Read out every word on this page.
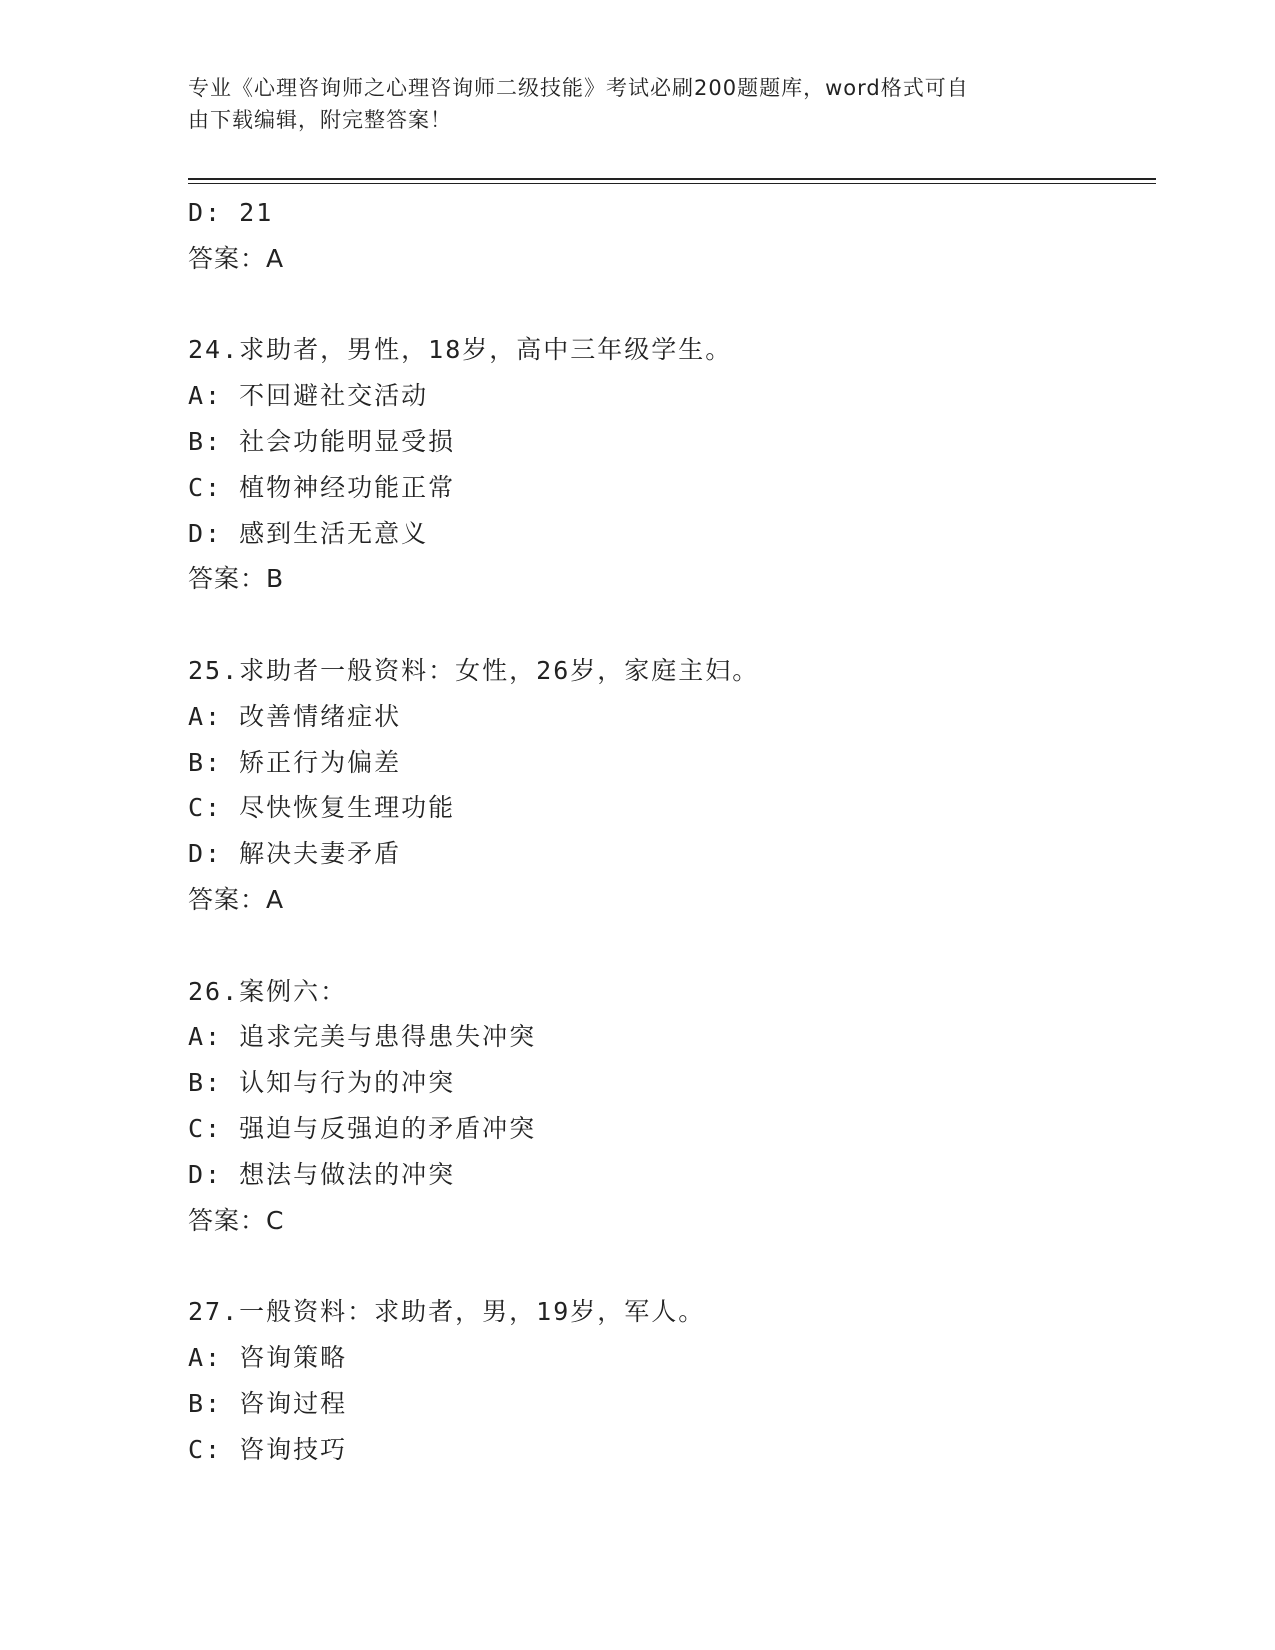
专业《心理咨询师之心理咨询师二级技能》考试必刷200题题库，word格式可自
由下载编辑，附完整答案！
D: 21
答案：A
24.求助者，男性，18岁，高中三年级学生。
A: 不回避社交活动
B: 社会功能明显受损
C: 植物神经功能正常
D: 感到生活无意义
答案：B
25.求助者一般资料：女性，26岁，家庭主妇。
A: 改善情绪症状
B: 矫正行为偏差
C: 尽快恢复生理功能
D: 解决夫妻矛盾
答案：A
26.案例六：
A: 追求完美与患得患失冲突
B: 认知与行为的冲突
C: 强迫与反强迫的矛盾冲突
D: 想法与做法的冲突
答案：C
27.一般资料：求助者，男，19岁，军人。
A: 咨询策略
B: 咨询过程
C: 咨询技巧
